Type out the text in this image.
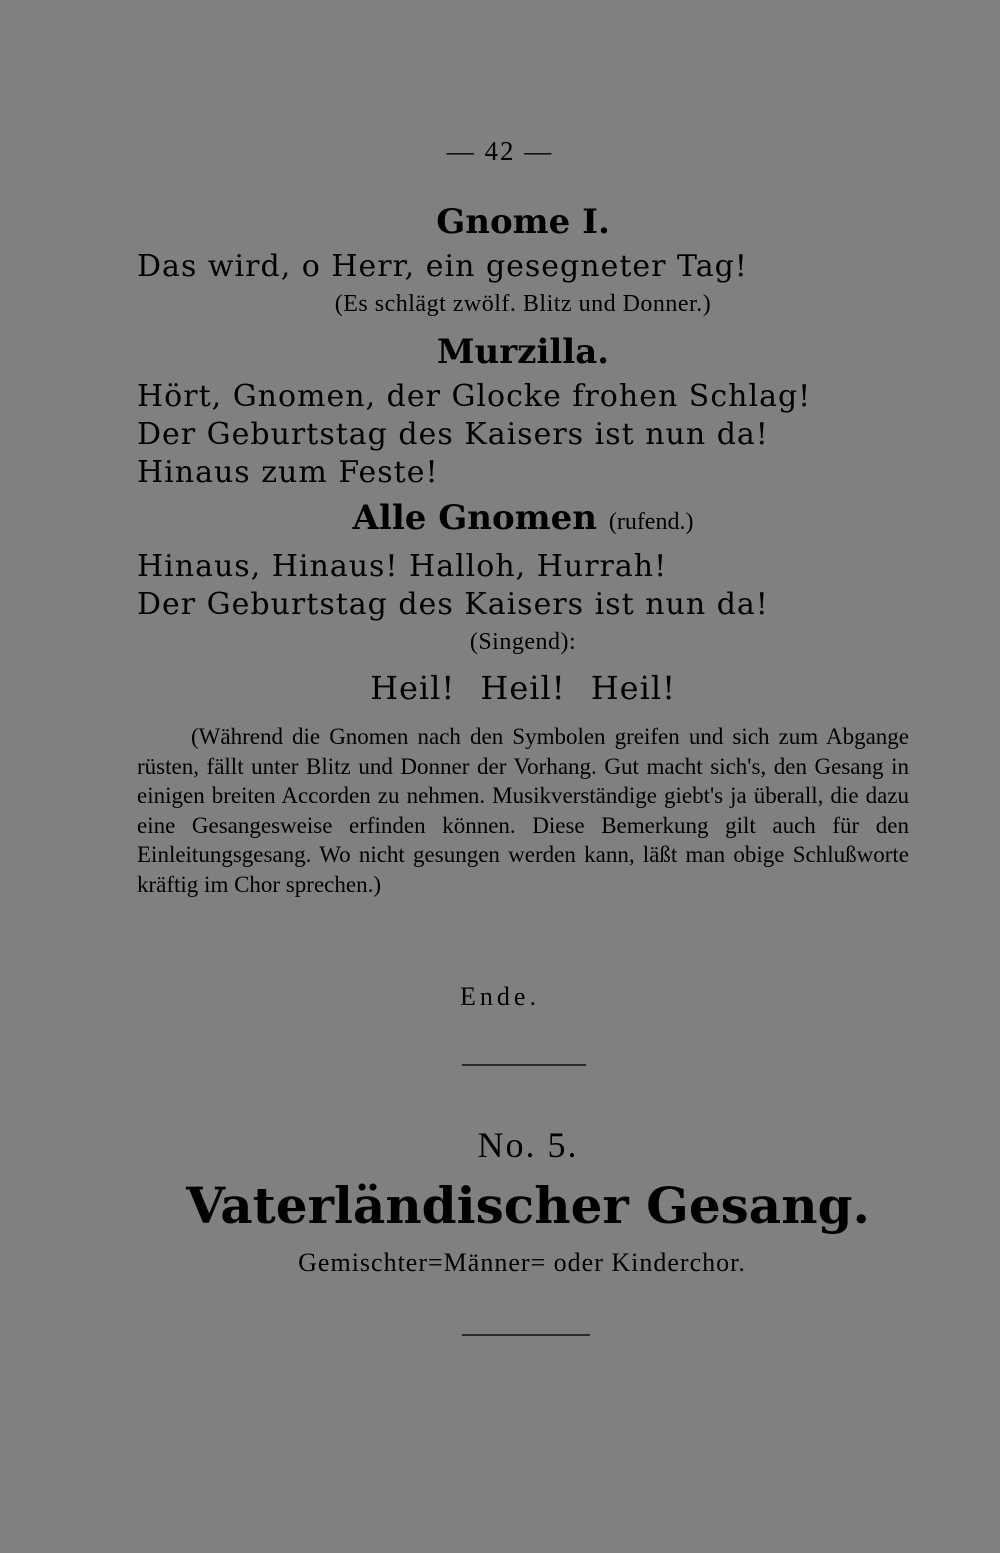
— 42 —

Gnome I.

Das wird, o Herr, ein gesegneter Tag!

(Es schlägt zwölf. Blitz und Donner.)

Murzilla.

Hört, Gnomen, der Glocke frohen Schlag!

Der Geburtstag des Kaisers ist nun da!

Hinaus zum Feste!

Alle Gnomen (rufend.)

Hinaus, Hinaus! Halloh, Hurrah!

Der Geburtstag des Kaisers ist nun da!

(Singend):

Heil! Heil! Heil!

(Während die Gnomen nach den Symbolen greifen und sich zum Abgange rüsten, fällt unter Blitz und Donner der Vorhang. Gut macht sich's, den Gesang in einigen breiten Accorden zu nehmen. Musikverständige giebt's ja überall, die dazu eine Gesangesweise erfinden können. Diese Bemerkung gilt auch für den Einleitungsgesang. Wo nicht gesungen werden kann, läßt man obige Schlußworte kräftig im Chor sprechen.)

Ende.
No. 5.
Vaterländischer Gesang.
Gemischter=Männer= oder Kinderchor.
